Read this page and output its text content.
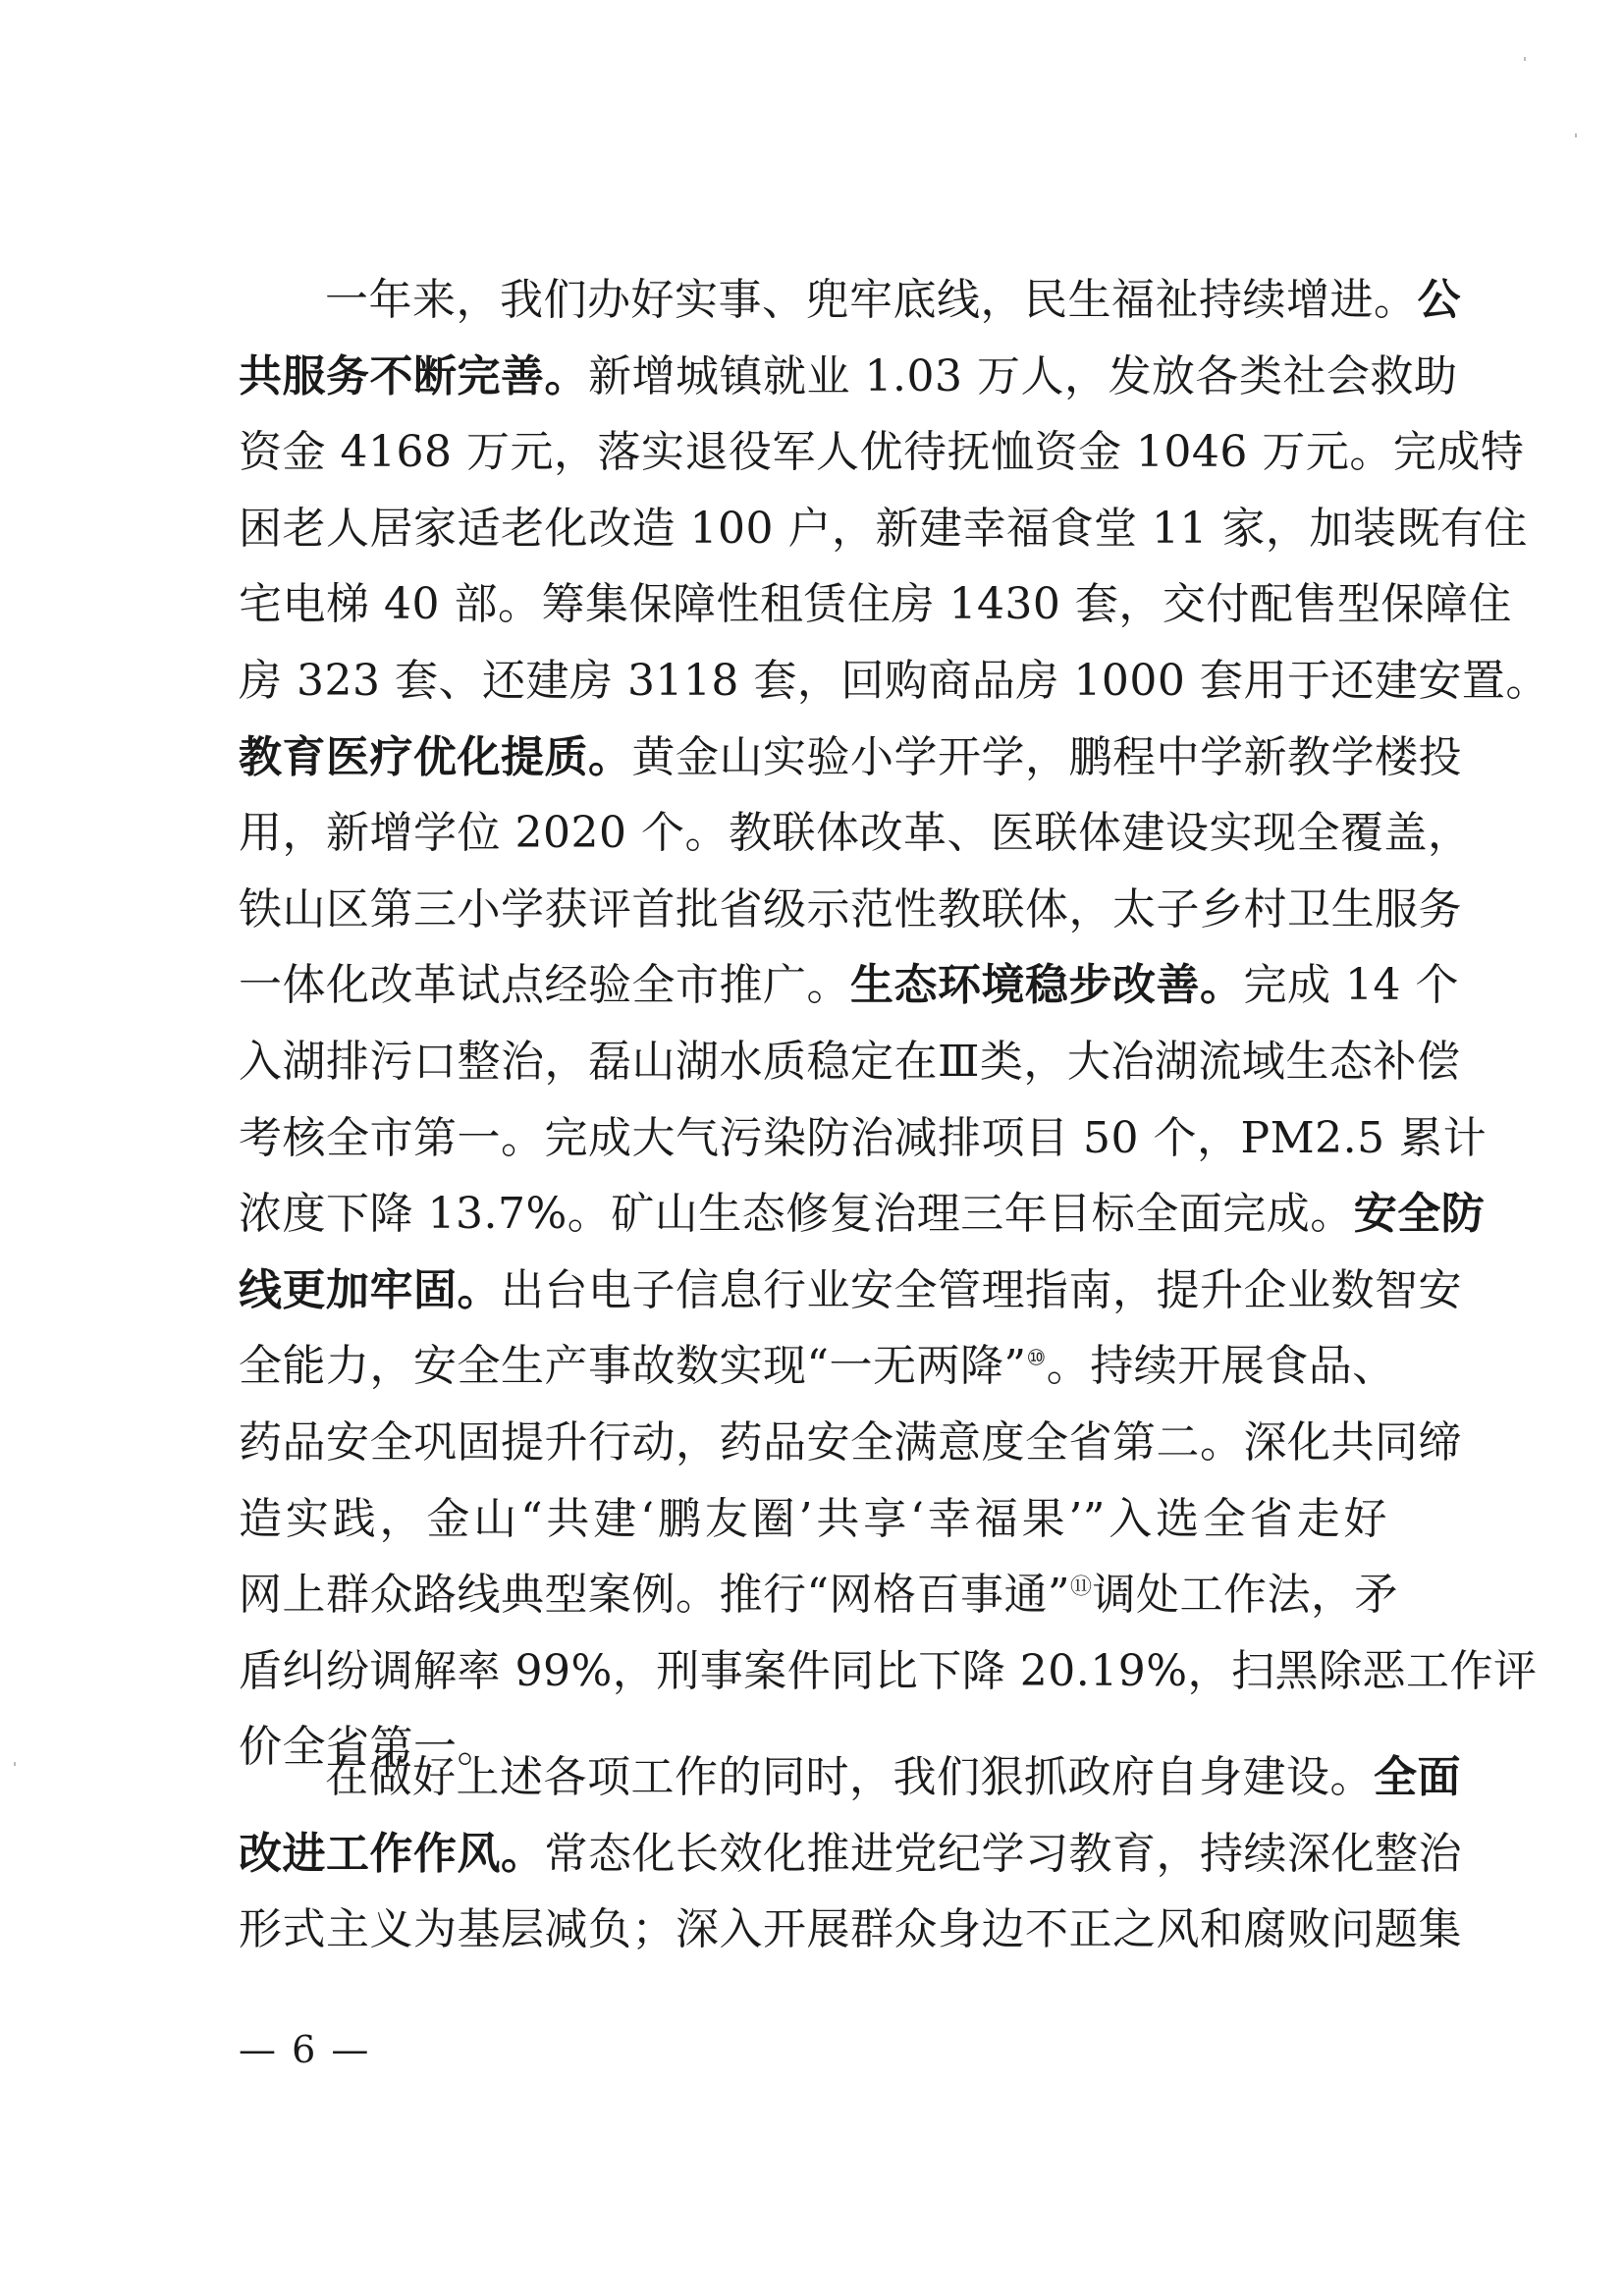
一年来，我们办好实事、兜牢底线，民生福祉持续增进。公
共服务不断完善。新增城镇就业 1.03 万人，发放各类社会救助
资金 4168 万元，落实退役军人优待抚恤资金 1046 万元。完成特
困老人居家适老化改造 100 户，新建幸福食堂 11 家，加装既有住
宅电梯 40 部。筹集保障性租赁住房 1430 套，交付配售型保障住
房 323 套、还建房 3118 套，回购商品房 1000 套用于还建安置。
教育医疗优化提质。黄金山实验小学开学，鹏程中学新教学楼投
用，新增学位 2020 个。教联体改革、医联体建设实现全覆盖，
铁山区第三小学获评首批省级示范性教联体，太子乡村卫生服务
一体化改革试点经验全市推广。生态环境稳步改善。完成 14 个
入湖排污口整治，磊山湖水质稳定在Ⅲ类，大冶湖流域生态补偿
考核全市第一。完成大气污染防治减排项目 50 个，PM2.5 累计
浓度下降 13.7%。矿山生态修复治理三年目标全面完成。安全防
线更加牢固。出台电子信息行业安全管理指南，提升企业数智安
全能力，安全生产事故数实现“一无两降”⑩。持续开展食品、
药品安全巩固提升行动，药品安全满意度全省第二。深化共同缔
造实践，金山“共建‘鹏友圈’共享‘幸福果’”入选全省走好
网上群众路线典型案例。推行“网格百事通”⑪调处工作法，矛
盾纠纷调解率 99%，刑事案件同比下降 20.19%，扫黑除恶工作评
价全省第一。
在做好上述各项工作的同时，我们狠抓政府自身建设。全面
改进工作作风。常态化长效化推进党纪学习教育，持续深化整治
形式主义为基层减负；深入开展群众身边不正之风和腐败问题集
— 6 —
